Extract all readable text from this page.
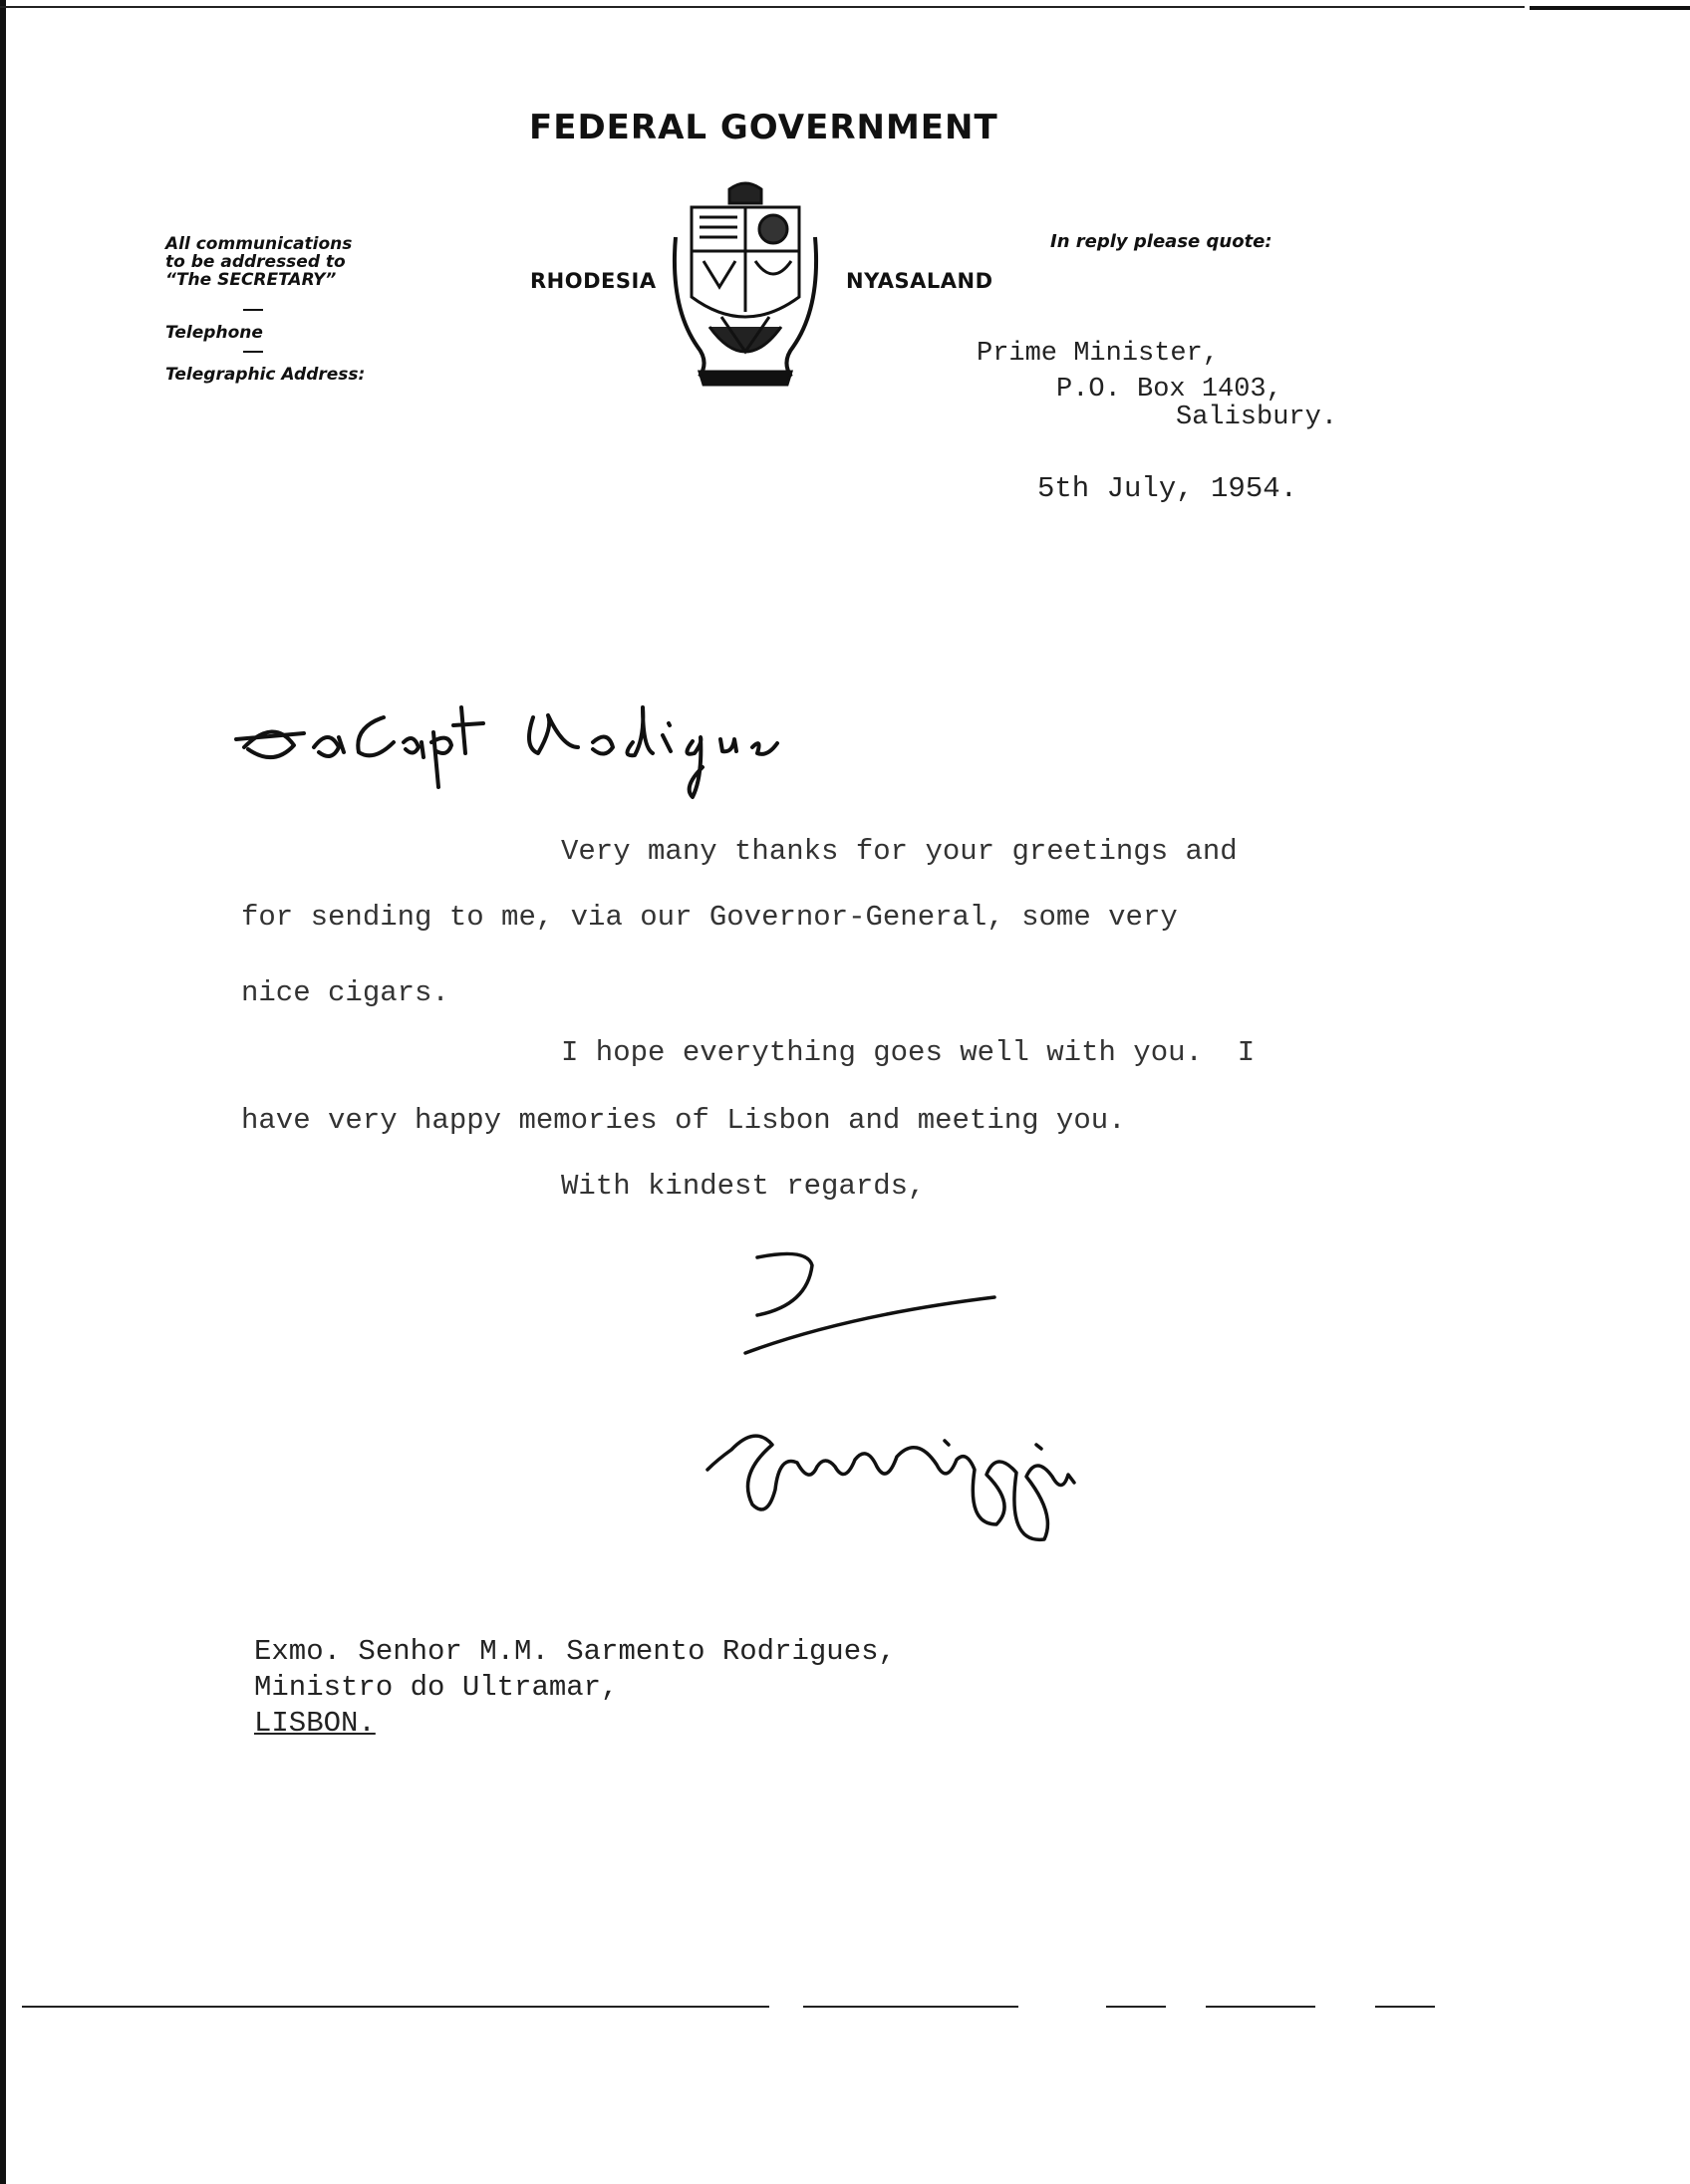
FEDERAL GOVERNMENT
All communications
to be addressed to
“The SECRETARY”
Telephone
Telegraphic Address:
RHODESIA	NYASALAND
In reply please quote:
Prime Minister,
P.O. Box 1403,
Salisbury.
5th July, 1954.
Very many thanks for your greetings and
for sending to me, via our Governor-General, some very
nice cigars.
I hope everything goes well with you.  I
have very happy memories of Lisbon and meeting you.
With kindest regards,
Exmo. Senhor M.M. Sarmento Rodrigues,
Ministro do Ultramar,
LISBON.
